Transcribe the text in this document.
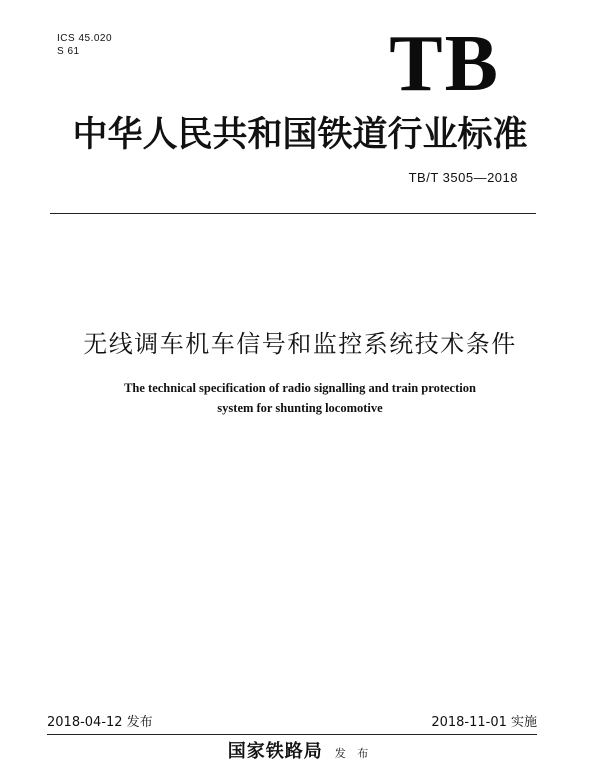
ICS 45.020
S 61	TB
中华人民共和国铁道行业标准
TB/T 3505—2018
无线调车机车信号和监控系统技术条件
The technical specification of radio signalling and train protection
system for shunting locomotive
2018-04-12 发布	2018-11-01 实施
国家铁路局 发 布
